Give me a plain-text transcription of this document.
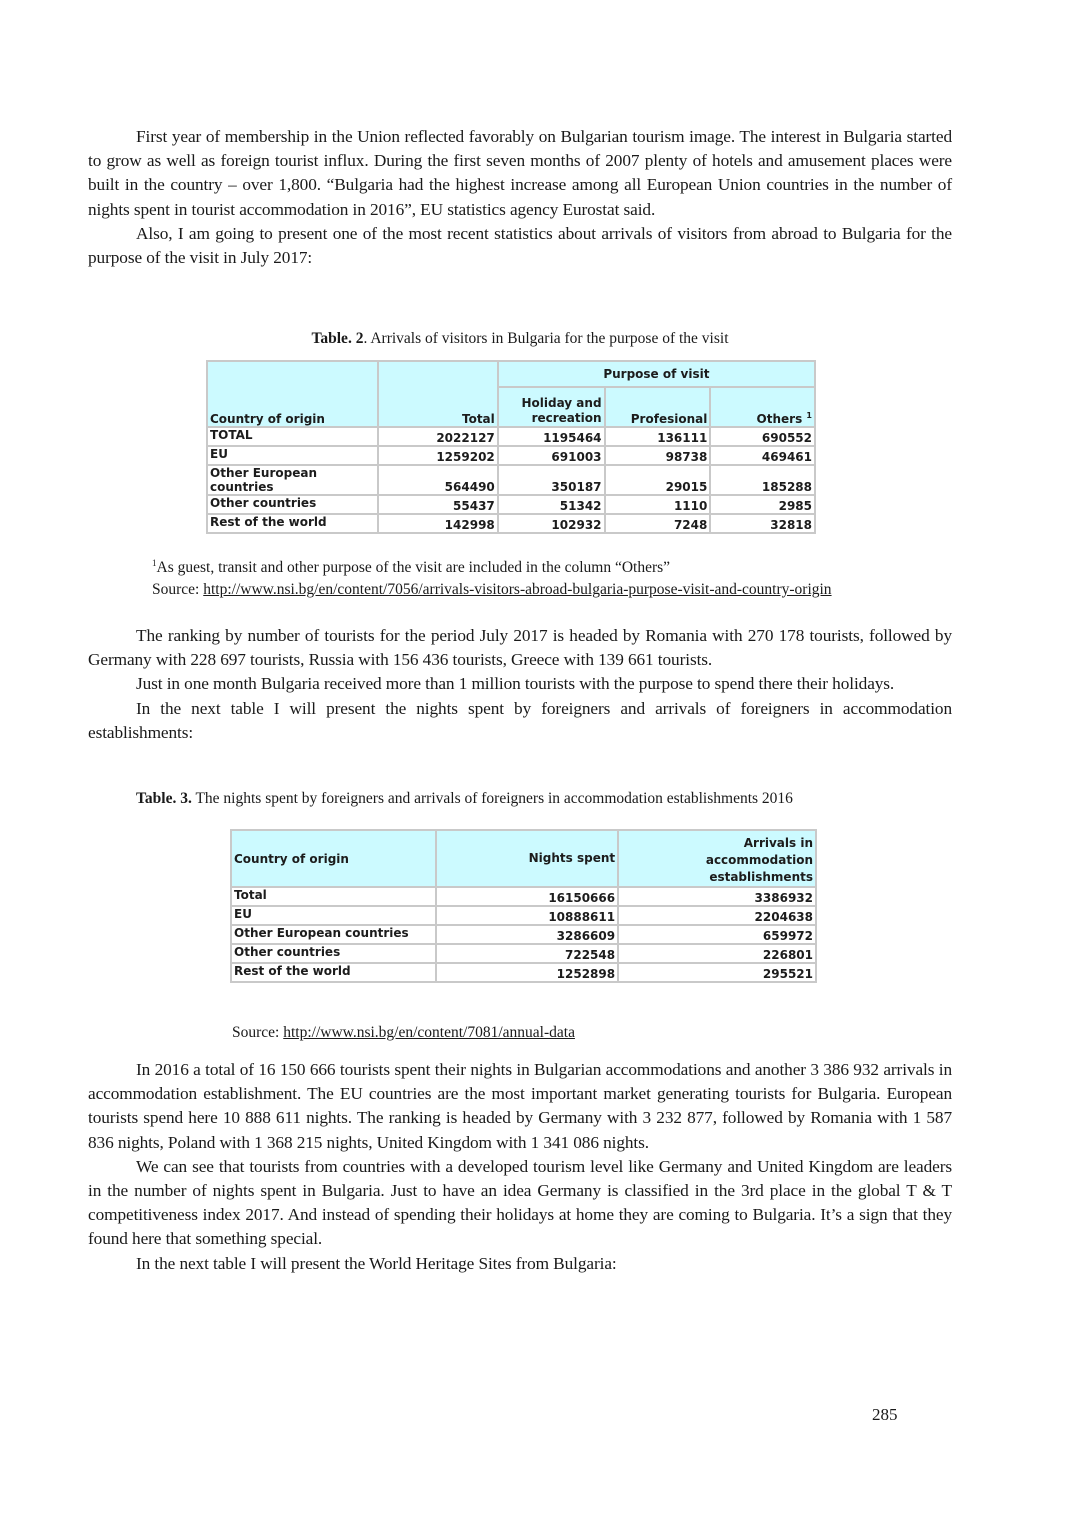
First year of membership in the Union reflected favorably on Bulgarian tourism image. The interest in Bulgaria started to grow as well as foreign tourist influx. During the first seven months of 2007 plenty of hotels and amusement places were built in the country – over 1,800. “Bulgaria had the highest increase among all European Union countries in the number of nights spent in tourist accommodation in 2016”, EU statistics agency Eurostat said.

Also, I am going to present one of the most recent statistics about arrivals of visitors from abroad to Bulgaria for the purpose of the visit in July 2017:

Table. 2. Arrivals of visitors in Bulgaria for the purpose of the visit

Country of origin	Total	Purpose of visit		
		Holiday and recreation	Profesional	Others $^1$
TOTAL	2022127	1195464	136111	690552
EU	1259202	691003	98738	469461
Other European countries	564490	350187	29015	185288
Other countries	55437	51342	1110	2985
Rest of the world	142998	102932	7248	32818

$^1$As guest, transit and other purpose of the visit are included in the column “Others”

Source: http://www.nsi.bg/en/content/7056/arrivals-visitors-abroad-bulgaria-purpose-visit-and-country-origin

The ranking by number of tourists for the period July 2017 is headed by Romania with 270 178 tourists, followed by Germany with 228 697 tourists, Russia with 156 436 tourists, Greece with 139 661 tourists.

Just in one month Bulgaria received more than 1 million tourists with the purpose to spend there their holidays.

In the next table I will present the nights spent by foreigners and arrivals of foreigners in accommodation establishments:

Table. 3. The nights spent by foreigners and arrivals of foreigners in accommodation establishments 2016

Country of origin	Nights spent	Arrivals in accommodation establishments
Total	16150666	3386932
EU	10888611	2204638
Other European countries	3286609	659972
Other countries	722548	226801
Rest of the world	1252898	295521
Source: http://www.nsi.bg/en/content/7081/annual-data

In 2016 a total of 16 150 666 tourists spent their nights in Bulgarian accommodations and another 3 386 932 arrivals in accommodation establishment. The EU countries are the most important market generating tourists for Bulgaria. European tourists spend here 10 888 611 nights. The ranking is headed by Germany with 3 232 877, followed by Romania with 1 587 836 nights, Poland with 1 368 215 nights, United Kingdom with 1 341 086 nights.

We can see that tourists from countries with a developed tourism level like Germany and United Kingdom are leaders in the number of nights spent in Bulgaria. Just to have an idea Germany is classified in the 3rd place in the global T & T competitiveness index 2017. And instead of spending their holidays at home they are coming to Bulgaria. It’s a sign that they found here that something special.

In the next table I will present the World Heritage Sites from Bulgaria:

285
